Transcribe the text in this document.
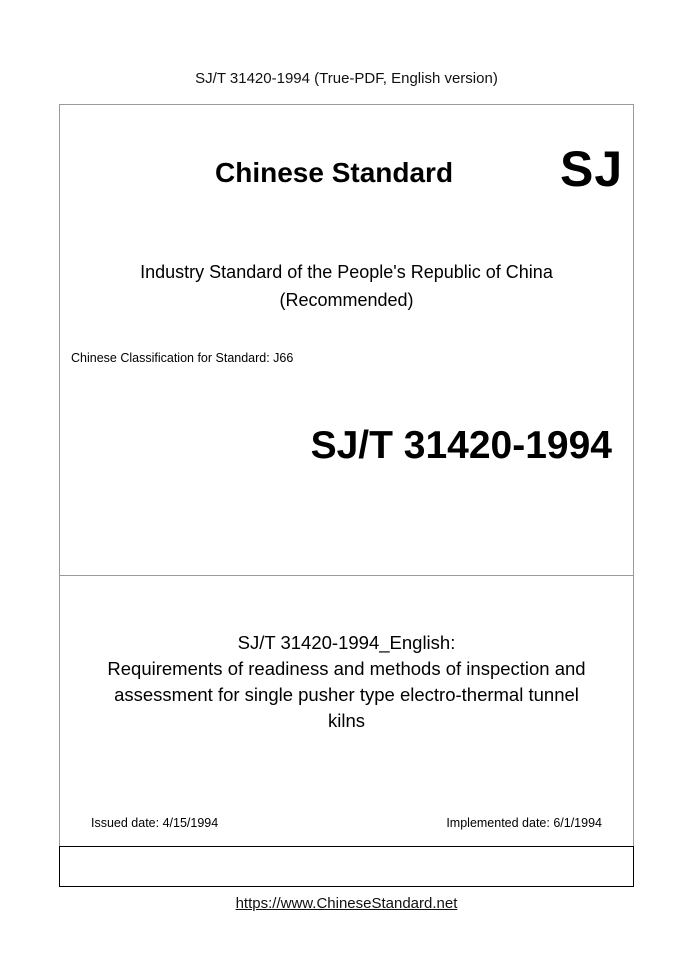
SJ/T 31420-1994 (True-PDF, English version)
Chinese Standard SJ
Industry Standard of the People's Republic of China
(Recommended)
Chinese Classification for Standard: J66
SJ/T 31420-1994
SJ/T 31420-1994_English:
Requirements of readiness and methods of inspection and
assessment for single pusher type electro-thermal tunnel
kilns
Issued date: 4/15/1994	Implemented date: 6/1/1994
https://www.ChineseStandard.net
